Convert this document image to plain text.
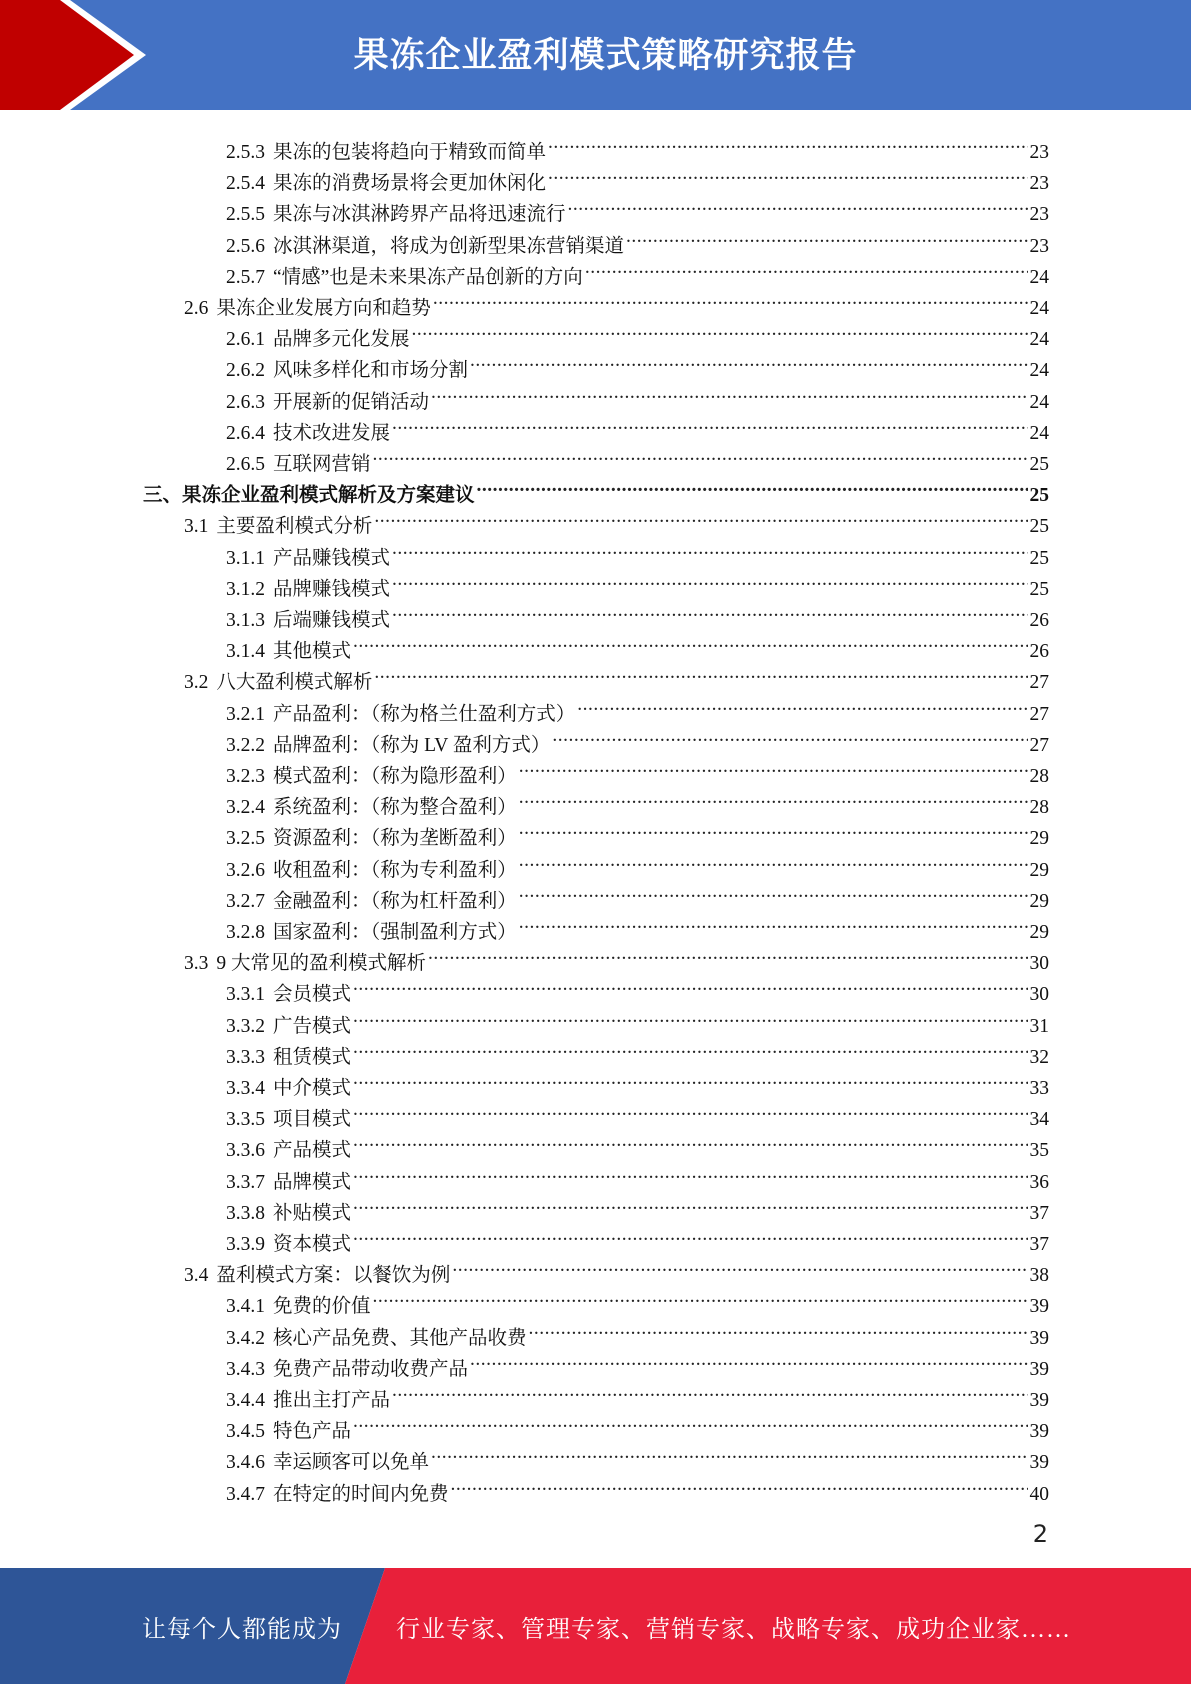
果冻企业盈利模式策略研究报告
2.5.3 果冻的包装将趋向于精致而简单 .....	23
2.5.4 果冻的消费场景将会更加休闲化 .....	23
2.5.5 果冻与冰淇淋跨界产品将迅速流行 .....	23
2.5.6 冰淇淋渠道，将成为创新型果冻营销渠道 .....	23
2.5.7 “情感”也是未来果冻产品创新的方向 .....	24
2.6 果冻企业发展方向和趋势 .....	24
2.6.1 品牌多元化发展 .....	24
2.6.2 风味多样化和市场分割 .....	24
2.6.3 开展新的促销活动 .....	24
2.6.4 技术改进发展 .....	24
2.6.5 互联网营销 .....	25
三、 果冻企业盈利模式解析及方案建议 .....	25
3.1 主要盈利模式分析 .....	25
3.1.1 产品赚钱模式 .....	25
3.1.2 品牌赚钱模式 .....	25
3.1.3 后端赚钱模式 .....	26
3.1.4 其他模式 .....	26
3.2 八大盈利模式解析 .....	27
3.2.1 产品盈利：（称为格兰仕盈利方式） .....	27
3.2.2 品牌盈利：（称为 LV 盈利方式） .....	27
3.2.3 模式盈利：（称为隐形盈利） .....	28
3.2.4 系统盈利：（称为整合盈利） .....	28
3.2.5 资源盈利：（称为垄断盈利） .....	29
3.2.6 收租盈利：（称为专利盈利） .....	29
3.2.7 金融盈利：（称为杠杆盈利） .....	29
3.2.8 国家盈利：（强制盈利方式） .....	29
3.3 9 大常见的盈利模式解析 .....	30
3.3.1 会员模式 .....	30
3.3.2 广告模式 .....	31
3.3.3 租赁模式 .....	32
3.3.4 中介模式 .....	33
3.3.5 项目模式 .....	34
3.3.6 产品模式 .....	35
3.3.7 品牌模式 .....	36
3.3.8 补贴模式 .....	37
3.3.9 资本模式 .....	37
3.4 盈利模式方案：以餐饮为例 .....	38
3.4.1 免费的价值 .....	39
3.4.2 核心产品免费、其他产品收费 .....	39
3.4.3 免费产品带动收费产品 .....	39
3.4.4 推出主打产品 .....	39
3.4.5 特色产品 .....	39
3.4.6 幸运顾客可以免单 .....	39
3.4.7 在特定的时间内免费 .....	40
2
让每个人都能成为 行业专家、管理专家、营销专家、战略专家、成功企业家……
